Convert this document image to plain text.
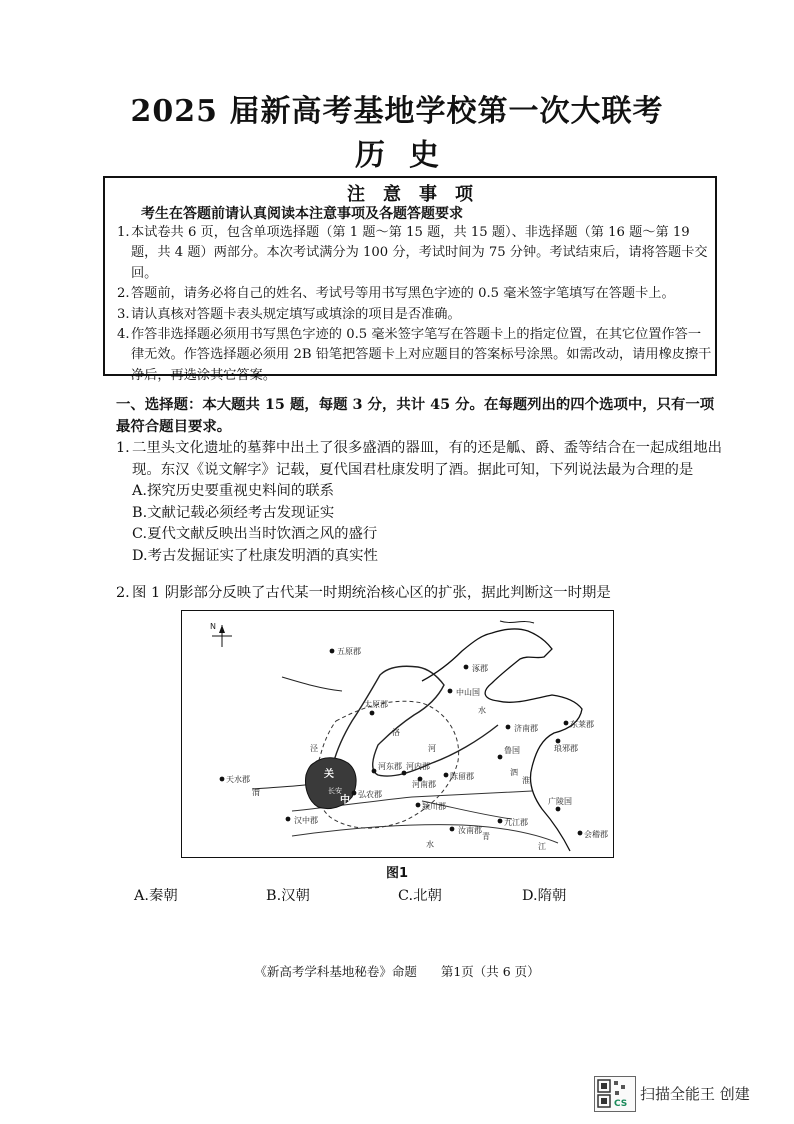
2025 届新高考基地学校第一次大联考
历史
注意事项
考生在答题前请认真阅读本注意事项及各题答题要求
1. 本试卷共 6 页，包含单项选择题（第 1 题～第 15 题，共 15 题）、非选择题（第 16 题～第 19 题，共 4 题）两部分。本次考试满分为 100 分，考试时间为 75 分钟。考试结束后，请将答题卡交回。
2. 答题前，请务必将自己的姓名、考试号等用书写黑色字迹的 0.5 毫米签字笔填写在答题卡上。
3. 请认真核对答题卡表头规定填写或填涂的项目是否准确。
4. 作答非选择题必须用书写黑色字迹的 0.5 毫米签字笔写在答题卡上的指定位置，在其它位置作答一律无效。作答选择题必须用 2B 铅笔把答题卡上对应题目的答案标号涂黑。如需改动，请用橡皮擦干净后，再选涂其它答案。
一、选择题：本大题共 15 题，每题 3 分，共计 45 分。在每题列出的四个选项中，只有一项最符合题目要求。
1. 二里头文化遗址的墓葬中出土了很多盛酒的器皿，有的还是觚、爵、盉等结合在一起成组地出现。东汉《说文解字》记载，夏代国君杜康发明了酒。据此可知，下列说法最为合理的是
A.探究历史要重视史料间的联系
B.文献记载必须经考古发现证实
C.夏代文献反映出当时饮酒之风的盛行
D.考古发掘证实了杜康发明酒的真实性
2. 图 1 阴影部分反映了古代某一时期统治核心区的扩张，据此判断这一时期是
N
五原郡
涿郡
中山国
太原郡
水
济南郡	东莱郡
琅邪郡
河	鲁国
泗
河东郡 河内郡
河南郡
陈留郡
天水郡
渭
关
长安
中
弘农郡
颍川郡
广陵国
淮
汝南郡
九江郡
会稽郡
汉中郡
江
水
洛
泾
青
图1
A.秦朝	B.汉朝	C.北朝	D.隋朝
《新高考学科基地秘卷》命题 第1页（共 6 页）
CS
扫描全能王 创建
